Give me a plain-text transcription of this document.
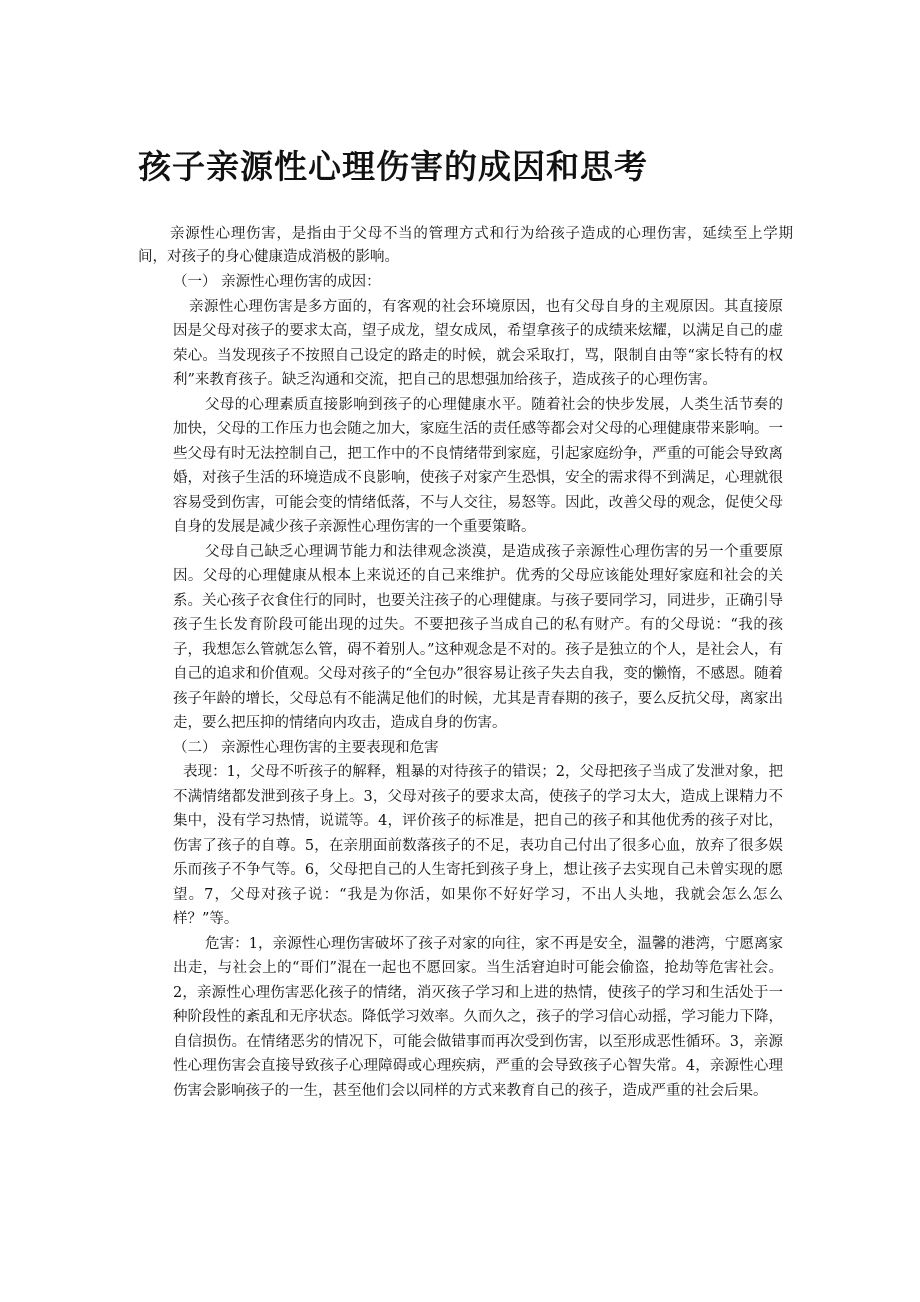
孩子亲源性心理伤害的成因和思考

亲源性心理伤害，是指由于父母不当的管理方式和行为给孩子造成的心理伤害，延续至上学期间，对孩子的身心健康造成消极的影响。

（一） 亲源性心理伤害的成因：

亲源性心理伤害是多方面的，有客观的社会环境原因，也有父母自身的主观原因。其直接原因是父母对孩子的要求太高，望子成龙，望女成凤，希望拿孩子的成绩来炫耀，以满足自己的虚荣心。当发现孩子不按照自己设定的路走的时候，就会采取打，骂，限制自由等“家长特有的权利”来教育孩子。缺乏沟通和交流，把自己的思想强加给孩子，造成孩子的心理伤害。

父母的心理素质直接影响到孩子的心理健康水平。随着社会的快步发展，人类生活节奏的加快，父母的工作压力也会随之加大，家庭生活的责任感等都会对父母的心理健康带来影响。一些父母有时无法控制自己，把工作中的不良情绪带到家庭，引起家庭纷争，严重的可能会导致离婚，对孩子生活的环境造成不良影响，使孩子对家产生恐惧，安全的需求得不到满足，心理就很容易受到伤害，可能会变的情绪低落，不与人交往，易怒等。因此，改善父母的观念，促使父母自身的发展是减少孩子亲源性心理伤害的一个重要策略。

父母自己缺乏心理调节能力和法律观念淡漠，是造成孩子亲源性心理伤害的另一个重要原因。父母的心理健康从根本上来说还的自己来维护。优秀的父母应该能处理好家庭和社会的关系。关心孩子衣食住行的同时，也要关注孩子的心理健康。与孩子要同学习，同进步，正确引导孩子生长发育阶段可能出现的过失。不要把孩子当成自己的私有财产。有的父母说：“我的孩子，我想怎么管就怎么管，碍不着别人。”这种观念是不对的。孩子是独立的个人，是社会人，有自己的追求和价值观。父母对孩子的“全包办”很容易让孩子失去自我，变的懒惰，不感恩。随着孩子年龄的增长，父母总有不能满足他们的时候，尤其是青春期的孩子，要么反抗父母，离家出走，要么把压抑的情绪向内攻击，造成自身的伤害。

（二） 亲源性心理伤害的主要表现和危害

表现：1，父母不听孩子的解释，粗暴的对待孩子的错误；2，父母把孩子当成了发泄对象，把不满情绪都发泄到孩子身上。3，父母对孩子的要求太高，使孩子的学习太大，造成上课精力不集中，没有学习热情，说谎等。4，评价孩子的标准是，把自己的孩子和其他优秀的孩子对比，伤害了孩子的自尊。5，在亲朋面前数落孩子的不足，表功自己付出了很多心血，放弃了很多娱乐而孩子不争气等。6，父母把自己的人生寄托到孩子身上，想让孩子去实现自己未曾实现的愿望。7，父母对孩子说：“我是为你活，如果你不好好学习，不出人头地，我就会怎么怎么样？”等。

危害：1，亲源性心理伤害破坏了孩子对家的向往，家不再是安全，温馨的港湾，宁愿离家出走，与社会上的“哥们”混在一起也不愿回家。当生活窘迫时可能会偷盗，抢劫等危害社会。2，亲源性心理伤害恶化孩子的情绪，消灭孩子学习和上进的热情，使孩子的学习和生活处于一种阶段性的紊乱和无序状态。降低学习效率。久而久之，孩子的学习信心动摇，学习能力下降，自信损伤。在情绪恶劣的情况下，可能会做错事而再次受到伤害，以至形成恶性循环。3，亲源性心理伤害会直接导致孩子心理障碍或心理疾病，严重的会导致孩子心智失常。4，亲源性心理伤害会影响孩子的一生，甚至他们会以同样的方式来教育自己的孩子，造成严重的社会后果。
